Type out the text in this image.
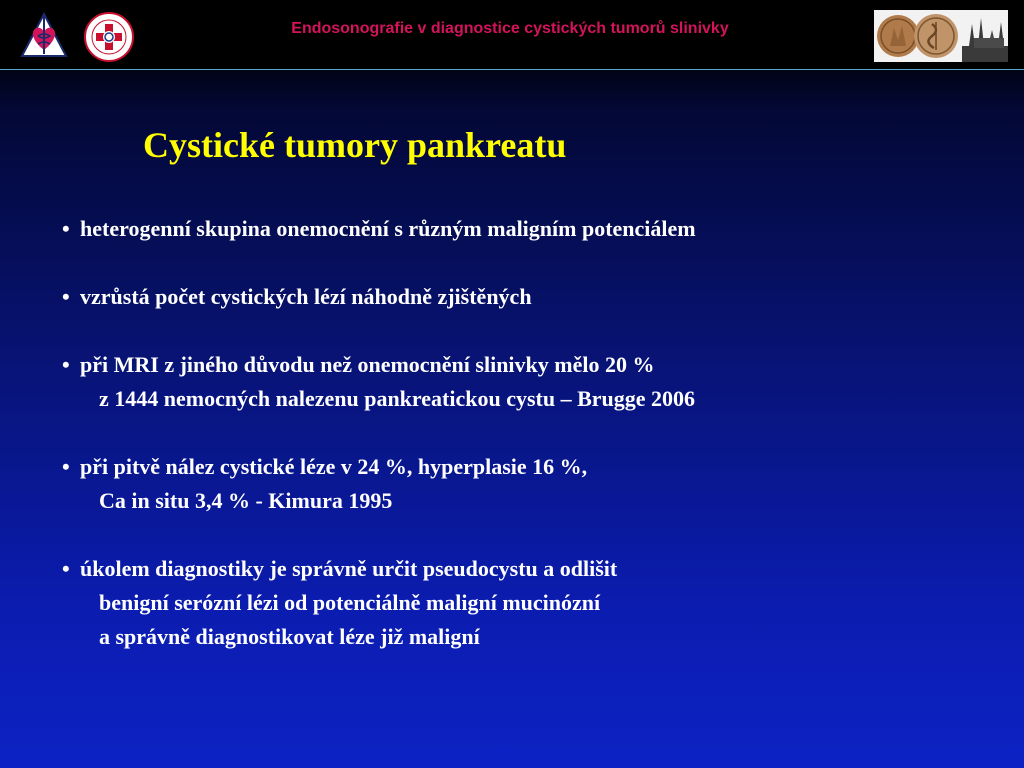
Endosonografie v diagnostice cystických tumorů slinivky
Cystické tumory pankreatu
• heterogenní skupina onemocnění s různým maligním potenciálem
• vzrůstá počet cystických lézí náhodně zjištěných
• při MRI z jiného důvodu než onemocnění slinivky mělo 20 %
z 1444 nemocných nalezenu pankreatickou cystu – Brugge 2006
• při pitvě nález cystické léze v 24 %, hyperplasie 16 %,
Ca in situ 3,4 % - Kimura 1995
• úkolem diagnostiky je správně určit pseudocystu a odlišit
benigní serózní lézi od potenciálně maligní mucinózní
a správně diagnostikovat léze již maligní
